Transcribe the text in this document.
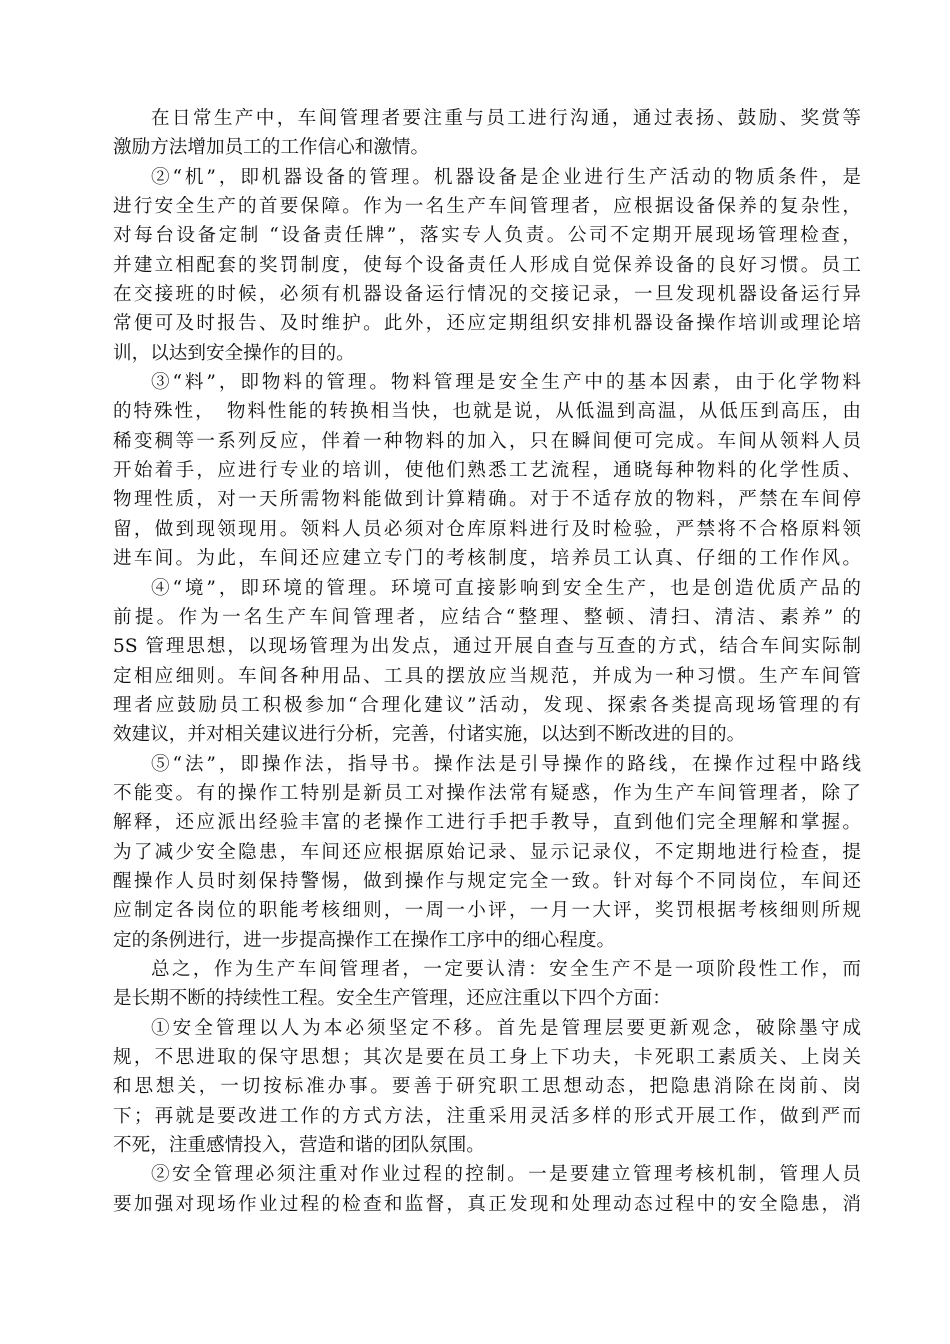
在日常生产中，车间管理者要注重与员工进行沟通，通过表扬、鼓励、奖赏等
激励方法增加员工的工作信心和激情。
②“机”，即机器设备的管理。机器设备是企业进行生产活动的物质条件，是
进行安全生产的首要保障。作为一名生产车间管理者，应根据设备保养的复杂性，
对每台设备定制 “设备责任牌”，落实专人负责。公司不定期开展现场管理检查，
并建立相配套的奖罚制度，使每个设备责任人形成自觉保养设备的良好习惯。员工
在交接班的时候，必须有机器设备运行情况的交接记录，一旦发现机器设备运行异
常便可及时报告、及时维护。此外，还应定期组织安排机器设备操作培训或理论培
训，以达到安全操作的目的。
③“料”，即物料的管理。物料管理是安全生产中的基本因素，由于化学物料
的特殊性，　物料性能的转换相当快，也就是说，从低温到高温，从低压到高压，由
稀变稠等一系列反应，伴着一种物料的加入，只在瞬间便可完成。车间从领料人员
开始着手，应进行专业的培训，使他们熟悉工艺流程，通晓每种物料的化学性质、
物理性质，对一天所需物料能做到计算精确。对于不适存放的物料，严禁在车间停
留，做到现领现用。领料人员必须对仓库原料进行及时检验，严禁将不合格原料领
进车间。为此，车间还应建立专门的考核制度，培养员工认真、仔细的工作作风。
④“境”，即环境的管理。环境可直接影响到安全生产，也是创造优质产品的
前提。作为一名生产车间管理者，应结合“整理、整顿、清扫、清洁、素养” 的
5S 管理思想，以现场管理为出发点，通过开展自查与互查的方式，结合车间实际制
定相应细则。车间各种用品、工具的摆放应当规范，并成为一种习惯。生产车间管
理者应鼓励员工积极参加“合理化建议”活动，发现、探索各类提高现场管理的有
效建议，并对相关建议进行分析，完善，付诸实施，以达到不断改进的目的。
⑤“法”，即操作法，指导书。操作法是引导操作的路线，在操作过程中路线
不能变。有的操作工特别是新员工对操作法常有疑惑，作为生产车间管理者，除了
解释，还应派出经验丰富的老操作工进行手把手教导，直到他们完全理解和掌握。
为了减少安全隐患，车间还应根据原始记录、显示记录仪，不定期地进行检查，提
醒操作人员时刻保持警惕，做到操作与规定完全一致。针对每个不同岗位，车间还
应制定各岗位的职能考核细则，一周一小评，一月一大评，奖罚根据考核细则所规
定的条例进行，进一步提高操作工在操作工序中的细心程度。
总之，作为生产车间管理者，一定要认清：安全生产不是一项阶段性工作，而
是长期不断的持续性工程。安全生产管理，还应注重以下四个方面：
①安全管理以人为本必须坚定不移。首先是管理层要更新观念，破除墨守成
规，不思进取的保守思想；其次是要在员工身上下功夫，卡死职工素质关、上岗关
和思想关，一切按标准办事。要善于研究职工思想动态，把隐患消除在岗前、岗
下；再就是要改进工作的方式方法，注重采用灵活多样的形式开展工作，做到严而
不死，注重感情投入，营造和谐的团队氛围。
②安全管理必须注重对作业过程的控制。一是要建立管理考核机制，管理人员
要加强对现场作业过程的检查和监督，真正发现和处理动态过程中的安全隐患，消
